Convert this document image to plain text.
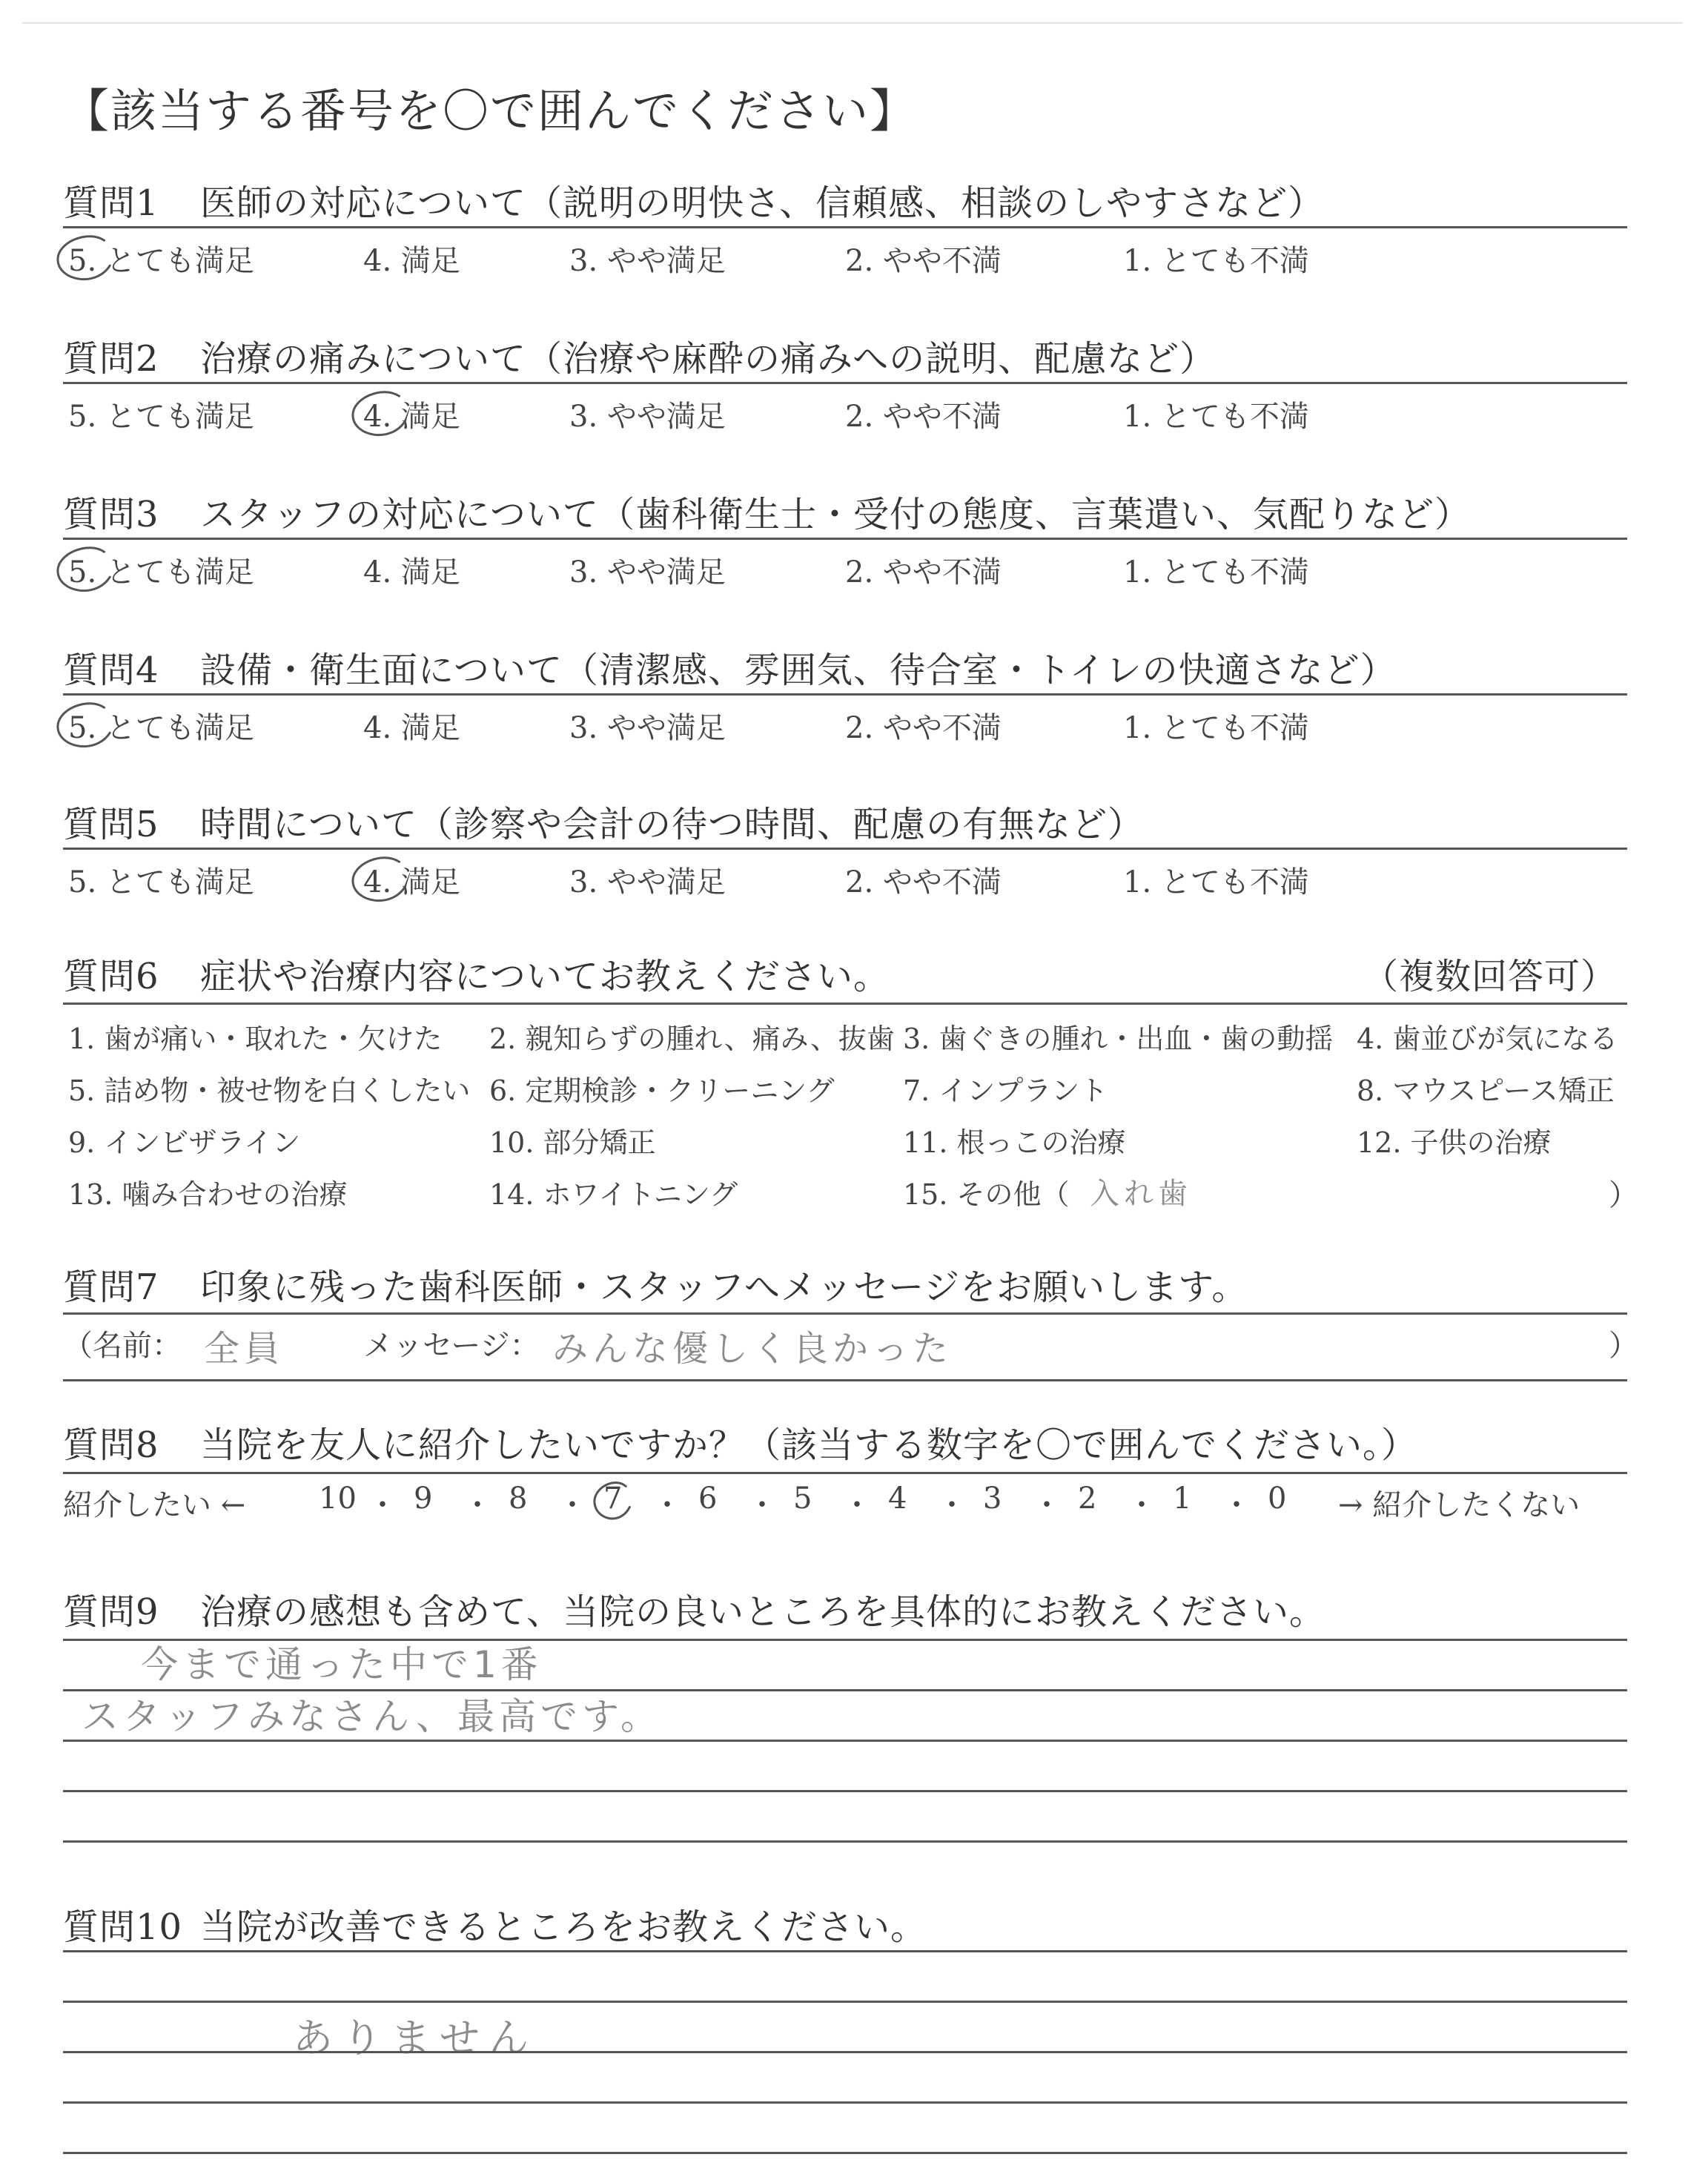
【該当する番号を〇で囲んでください】
質問1 医師の対応について（説明の明快さ、信頼感、相談のしやすさなど）
5. とても満足	4. 満足	3. やや満足	2. やや不満	1. とても不満
質問2 治療の痛みについて（治療や麻酔の痛みへの説明、配慮など）
5. とても満足	4. 満足	3. やや満足	2. やや不満	1. とても不満
質問3 スタッフの対応について（歯科衛生士・受付の態度、言葉遣い、気配りなど）
5. とても満足	4. 満足	3. やや満足	2. やや不満	1. とても不満
質問4 設備・衛生面について（清潔感、雰囲気、待合室・トイレの快適さなど）
5. とても満足	4. 満足	3. やや満足	2. やや不満	1. とても不満
質問5 時間について（診察や会計の待つ時間、配慮の有無など）
5. とても満足	4. 満足	3. やや満足	2. やや不満	1. とても不満
質問6 症状や治療内容についてお教えください。	（複数回答可）
1. 歯が痛い・取れた・欠けた 2. 親知らずの腫れ、痛み、抜歯 3. 歯ぐきの腫れ・出血・歯の動揺 4. 歯並びが気になる
5. 詰め物・被せ物を白くしたい 6. 定期検診・クリーニング 7. インプラント	8. マウスピース矯正
9. インビザライン	10. 部分矯正	11. 根っこの治療	12. 子供の治療
13. 噛み合わせの治療	14. ホワイトニング	15. その他（ 入れ歯	）
質問7 印象に残った歯科医師・スタッフへメッセージをお願いします。
（名前： 全員	メッセージ： みんな優しく良かった	）
質問8 当院を友人に紹介したいですか？（該当する数字を〇で囲んでください。）
紹介したい ← 10 ・ 9 ・ 8 ・ 7 ・ 6 ・ 5 ・ 4 ・ 3 ・ 2 ・ 1 ・ 0 → 紹介したくない
質問9 治療の感想も含めて、当院の良いところを具体的にお教えください。
今まで通った中で1番
スタッフみなさん、最高です。
質問10 当院が改善できるところをお教えください。
ありません
